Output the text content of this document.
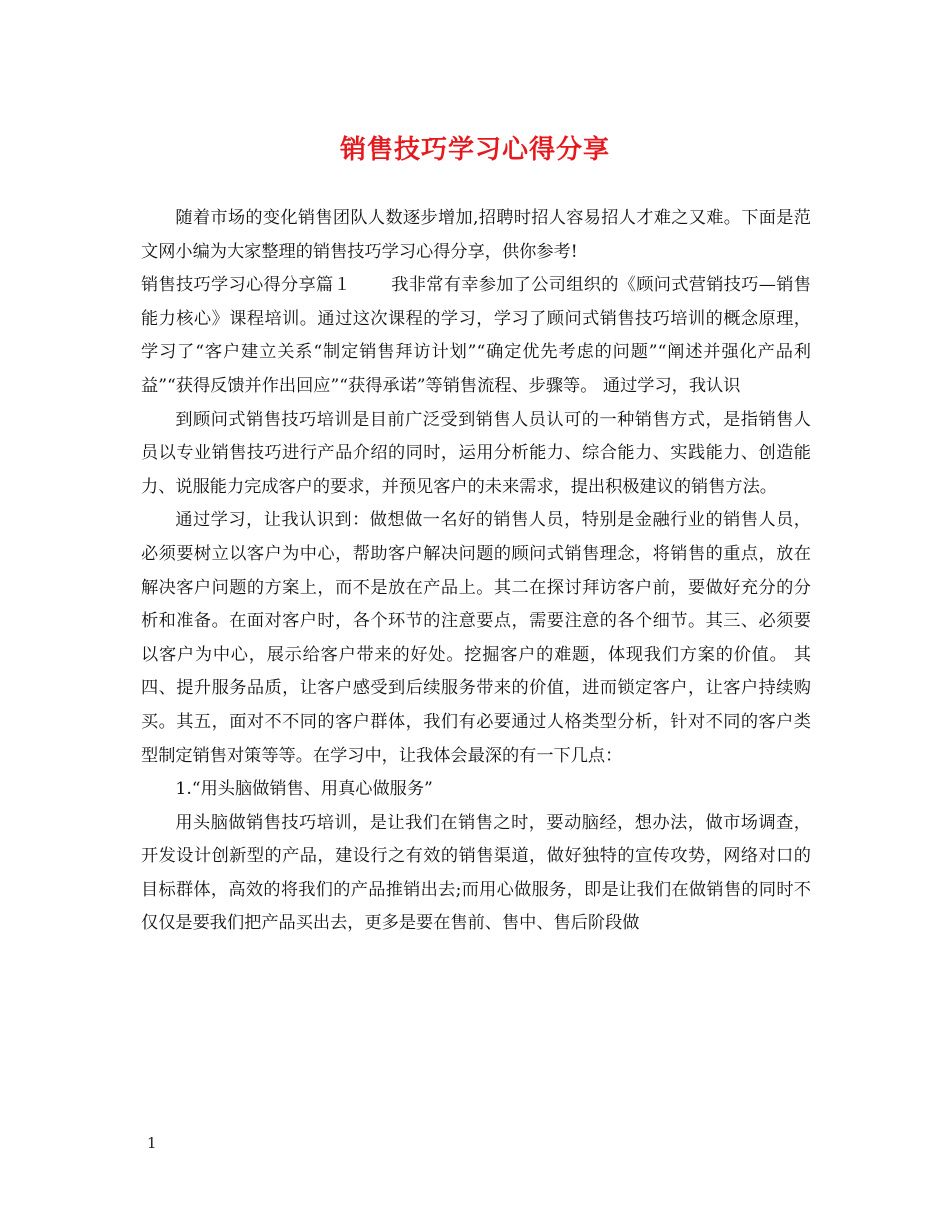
销售技巧学习心得分享

随着市场的变化销售团队人数逐步增加,招聘时招人容易招人才难之又难。下面是范文网小编为大家整理的销售技巧学习心得分享，供你参考!

销售技巧学习心得分享篇１ 我非常有幸参加了公司组织的《顾问式营销技巧—销售能力核心》课程培训。通过这次课程的学习，学习了顾问式销售技巧培训的概念原理，学习了“客户建立关系“制定销售拜访计划”“确定优先考虑的问题”“阐述并强化产品利益”“获得反馈并作出回应”“获得承诺”等销售流程、步骤等。 通过学习，我认识

到顾问式销售技巧培训是目前广泛受到销售人员认可的一种销售方式，是指销售人员以专业销售技巧进行产品介绍的同时，运用分析能力、综合能力、实践能力、创造能力、说服能力完成客户的要求，并预见客户的未来需求，提出积极建议的销售方法。

通过学习，让我认识到：做想做一名好的销售人员，特别是金融行业的销售人员，必须要树立以客户为中心，帮助客户解决问题的顾问式销售理念，将销售的重点，放在解决客户问题的方案上，而不是放在产品上。其二在探讨拜访客户前，要做好充分的分析和准备。在面对客户时，各个环节的注意要点，需要注意的各个细节。其三、必须要以客户为中心，展示给客户带来的好处。挖掘客户的难题，体现我们方案的价值。 其四、提升服务品质，让客户感受到后续服务带来的价值，进而锁定客户，让客户持续购买。其五，面对不不同的客户群体，我们有必要通过人格类型分析，针对不同的客户类型制定销售对策等等。在学习中，让我体会最深的有一下几点：

1.“用头脑做销售、用真心做服务”

用头脑做销售技巧培训，是让我们在销售之时，要动脑经，想办法，做市场调查，开发设计创新型的产品，建设行之有效的销售渠道，做好独特的宣传攻势，网络对口的目标群体，高效的将我们的产品推销出去;而用心做服务，即是让我们在做销售的同时不仅仅是要我们把产品买出去，更多是要在售前、售中、售后阶段做

1
